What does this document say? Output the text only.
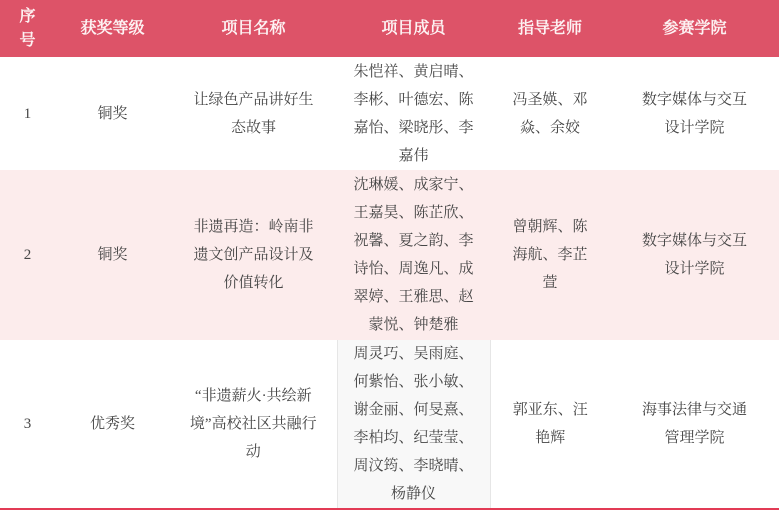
序号	获奖等级	项目名称	项目成员	指导老师	参赛学院
1	铜奖	让绿色产品讲好生态故事	朱恺祥、黄启晴、李彬、叶德宏、陈嘉怡、梁晓彤、李嘉伟	冯圣媖、邓焱、余姣	数字媒体与交互设计学院
2	铜奖	非遗再造：岭南非遗文创产品设计及价值转化	沈琳媛、成家宁、王嘉昊、陈芷欣、祝馨、夏之韵、李诗怡、周逸凡、成翠婷、王雅思、赵蒙悦、钟楚雅	曾朝辉、陈海航、李芷萱	数字媒体与交互设计学院
3	优秀奖	“非遗薪火·共绘新境”高校社区共融行动	周灵巧、吴雨庭、何紫怡、张小敏、谢金丽、何旻熹、李柏均、纪莹莹、周汶筠、李晓晴、杨静仪	郭亚东、汪艳辉	海事法律与交通管理学院
